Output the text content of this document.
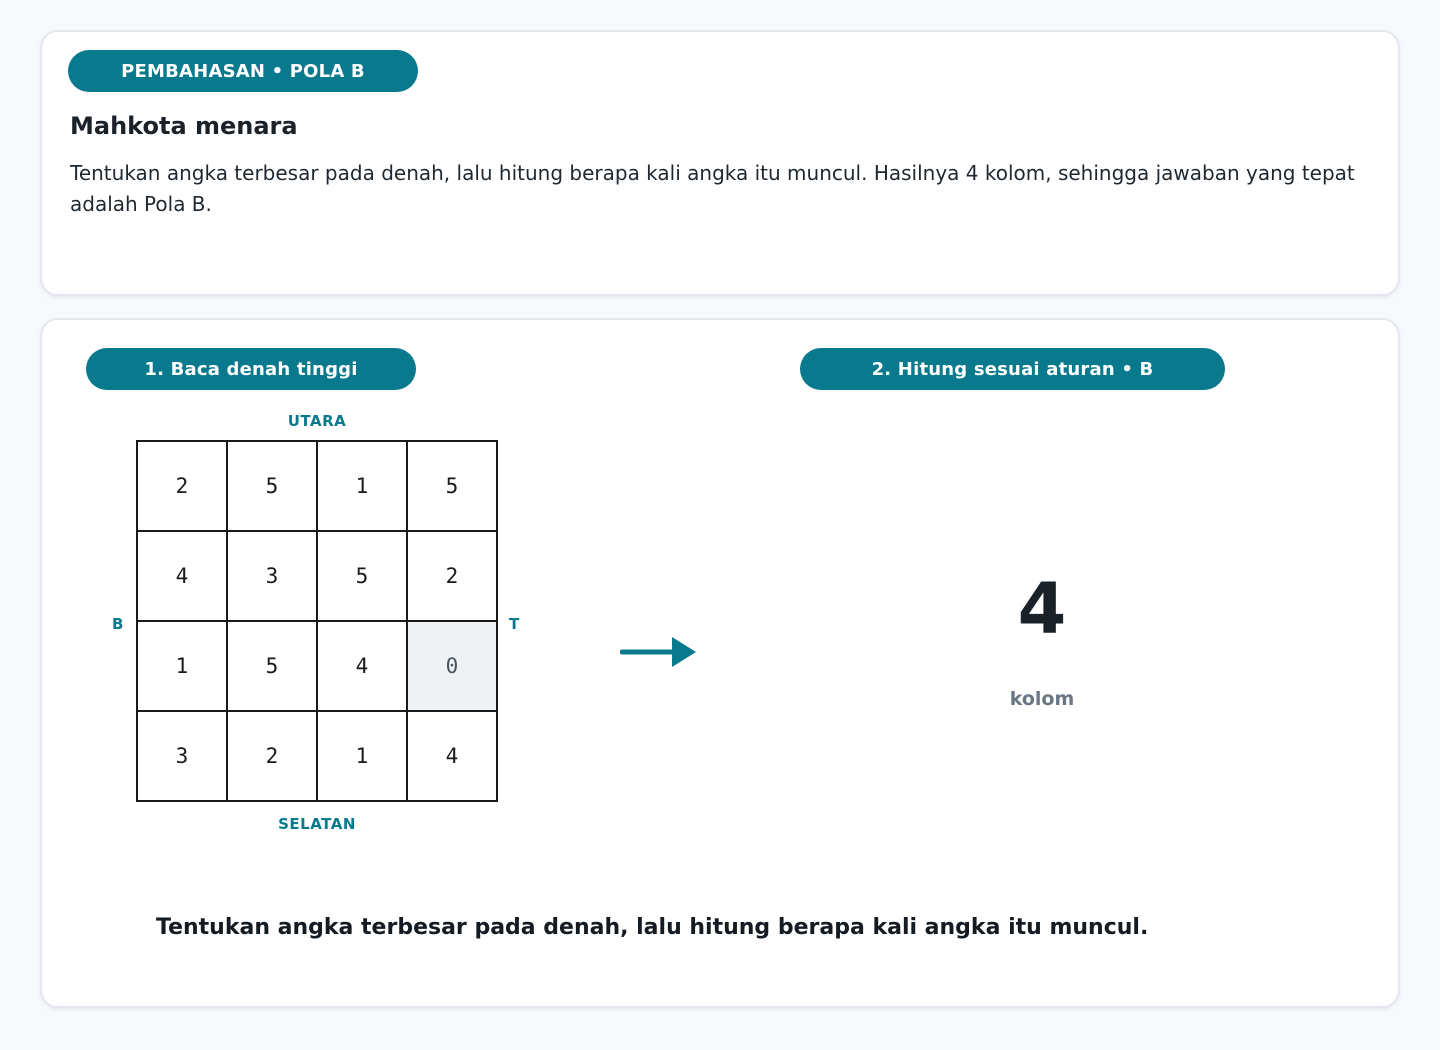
PEMBAHASAN • POLA B
Mahkota menara
Tentukan angka terbesar pada denah, lalu hitung berapa kali angka itu muncul. Hasilnya 4 kolom, sehingga jawaban yang tepat adalah Pola B.
1. Baca denah tinggi	2. Hitung sesuai aturan • B
UTARA
SELATAN
B	T
2	5	1	5
4	3	5	2
1	5	4	0
3	2	1	4
4
kolom
Tentukan angka terbesar pada denah, lalu hitung berapa kali angka itu muncul.
